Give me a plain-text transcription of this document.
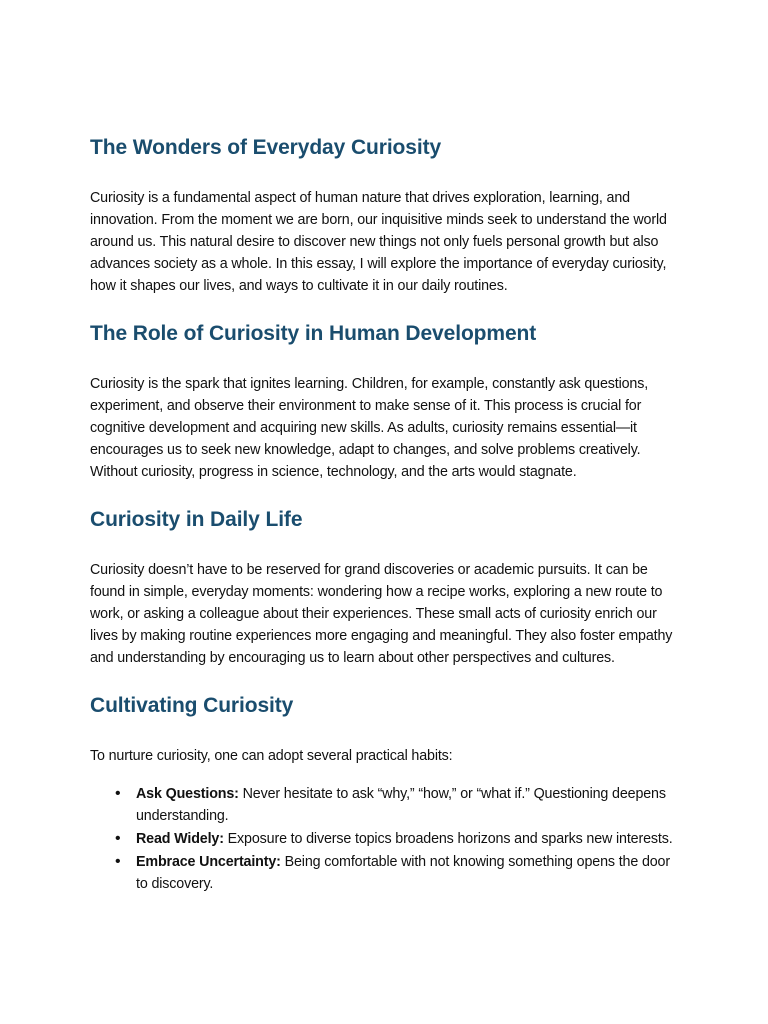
The Wonders of Everyday Curiosity

Curiosity is a fundamental aspect of human nature that drives exploration, learning, and innovation. From the moment we are born, our inquisitive minds seek to understand the world around us. This natural desire to discover new things not only fuels personal growth but also advances society as a whole. In this essay, I will explore the importance of everyday curiosity, how it shapes our lives, and ways to cultivate it in our daily routines.

The Role of Curiosity in Human Development

Curiosity is the spark that ignites learning. Children, for example, constantly ask questions, experiment, and observe their environment to make sense of it. This process is crucial for cognitive development and acquiring new skills. As adults, curiosity remains essential—it encourages us to seek new knowledge, adapt to changes, and solve problems creatively. Without curiosity, progress in science, technology, and the arts would stagnate.

Curiosity in Daily Life

Curiosity doesn’t have to be reserved for grand discoveries or academic pursuits. It can be found in simple, everyday moments: wondering how a recipe works, exploring a new route to work, or asking a colleague about their experiences. These small acts of curiosity enrich our lives by making routine experiences more engaging and meaningful. They also foster empathy and understanding by encouraging us to learn about other perspectives and cultures.

Cultivating Curiosity

To nurture curiosity, one can adopt several practical habits:

• Ask Questions: Never hesitate to ask “why,” “how,” or “what if.” Questioning deepens understanding.
• Read Widely: Exposure to diverse topics broadens horizons and sparks new interests.
• Embrace Uncertainty: Being comfortable with not knowing something opens the door to discovery.
